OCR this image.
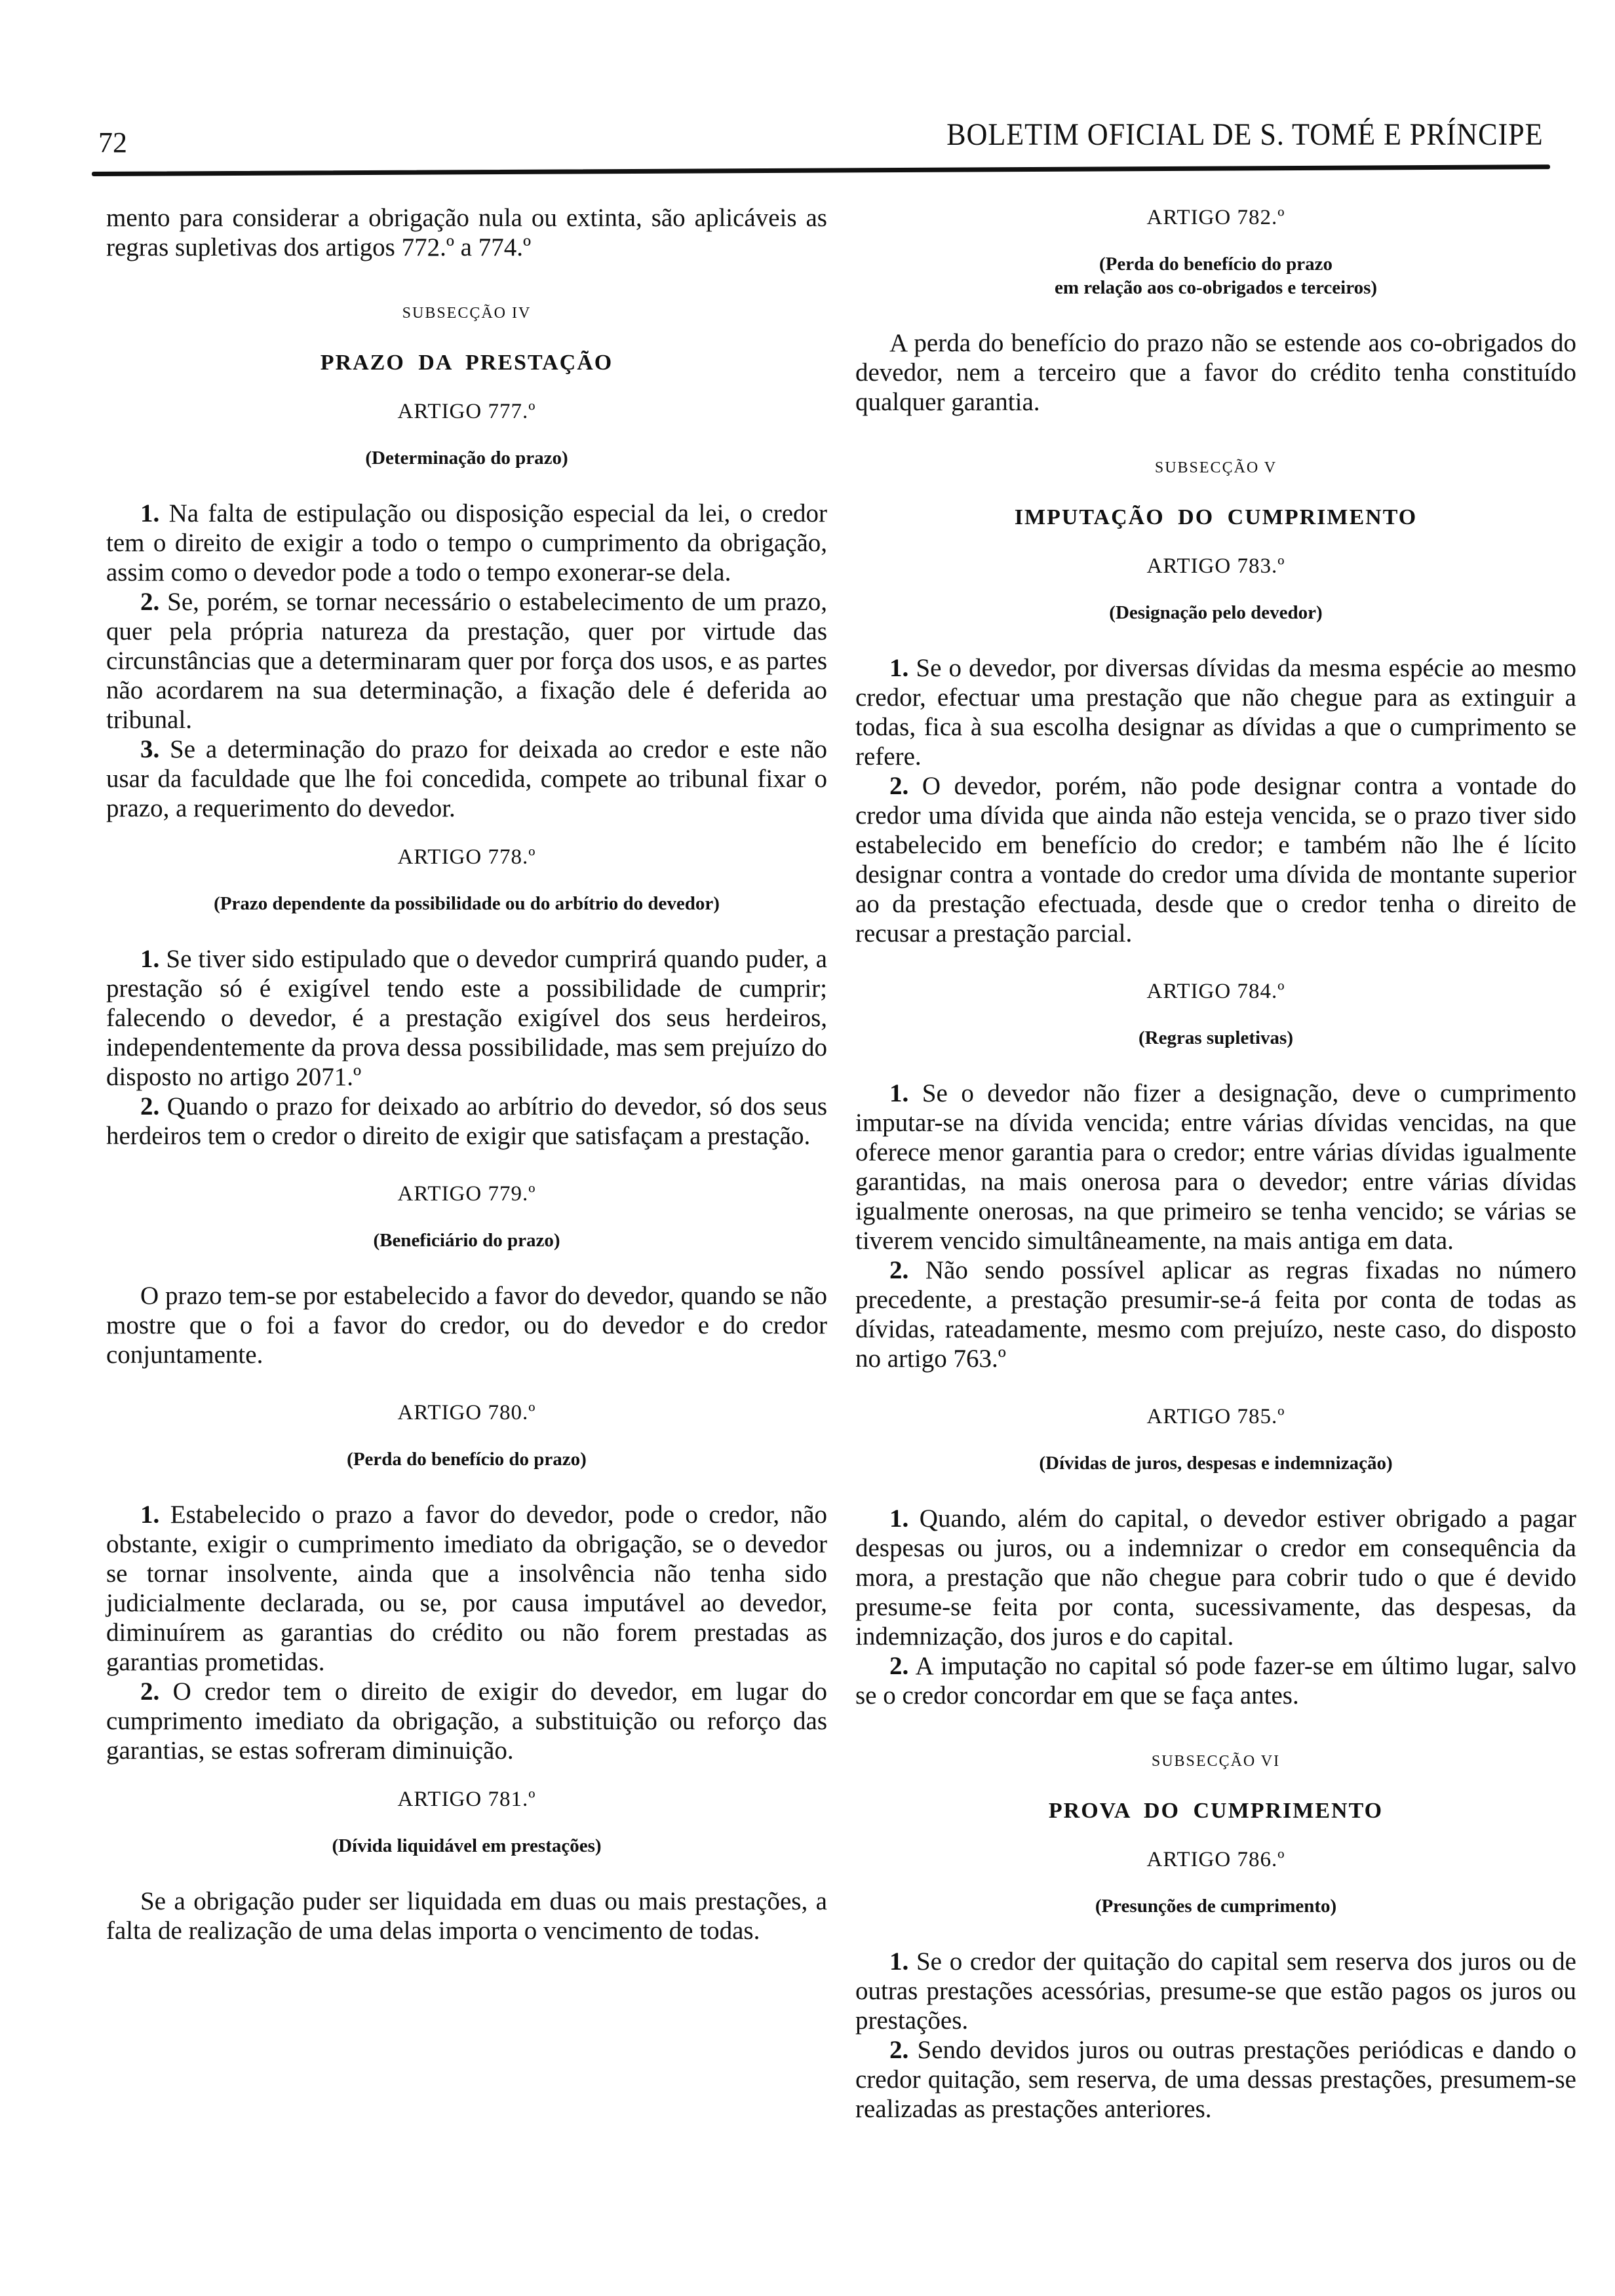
72	BOLETIM OFICIAL DE S. TOMÉ E PRÍNCIPE

mento para considerar a obrigação nula ou extinta, são aplicáveis as regras supletivas dos artigos 772.º a 774.º

SUBSECÇÃO IV

PRAZO DA PRESTAÇÃO

ARTIGO 777.º

(Determinação do prazo)

1. Na falta de estipulação ou disposição especial da lei, o credor tem o direito de exigir a todo o tempo o cumprimento da obrigação, assim como o devedor pode a todo o tempo exonerar-se dela.

2. Se, porém, se tornar necessário o estabelecimento de um prazo, quer pela própria natureza da prestação, quer por virtude das circunstâncias que a determinaram quer por força dos usos, e as partes não acordarem na sua determinação, a fixação dele é deferida ao tribunal.

3. Se a determinação do prazo for deixada ao credor e este não usar da faculdade que lhe foi concedida, compete ao tribunal fixar o prazo, a requerimento do devedor.

ARTIGO 778.º

(Prazo dependente da possibilidade ou do arbítrio do devedor)

1. Se tiver sido estipulado que o devedor cumprirá quando puder, a prestação só é exigível tendo este a possibilidade de cumprir; falecendo o devedor, é a prestação exigível dos seus herdeiros, independentemente da prova dessa possibilidade, mas sem prejuízo do disposto no artigo 2071.º

2. Quando o prazo for deixado ao arbítrio do devedor, só dos seus herdeiros tem o credor o direito de exigir que satisfaçam a prestação.

ARTIGO 779.º

(Beneficiário do prazo)

O prazo tem-se por estabelecido a favor do devedor, quando se não mostre que o foi a favor do credor, ou do devedor e do credor conjuntamente.

ARTIGO 780.º

(Perda do benefício do prazo)

1. Estabelecido o prazo a favor do devedor, pode o credor, não obstante, exigir o cumprimento imediato da obrigação, se o devedor se tornar insolvente, ainda que a insolvência não tenha sido judicialmente declarada, ou se, por causa imputável ao devedor, diminuírem as garantias do crédito ou não forem prestadas as garantias prometidas.

2. O credor tem o direito de exigir do devedor, em lugar do cumprimento imediato da obrigação, a substituição ou reforço das garantias, se estas sofreram diminuição.

ARTIGO 781.º

(Dívida liquidável em prestações)

Se a obrigação puder ser liquidada em duas ou mais prestações, a falta de realização de uma delas importa o vencimento de todas.

ARTIGO 782.º

(Perda do benefício do prazo

em relação aos co-obrigados e terceiros)

A perda do benefício do prazo não se estende aos co-obrigados do devedor, nem a terceiro que a favor do crédito tenha constituído qualquer garantia.

SUBSECÇÃO V

IMPUTAÇÃO DO CUMPRIMENTO

ARTIGO 783.º

(Designação pelo devedor)

1. Se o devedor, por diversas dívidas da mesma espécie ao mesmo credor, efectuar uma prestação que não chegue para as extinguir a todas, fica à sua escolha designar as dívidas a que o cumprimento se refere.

2. O devedor, porém, não pode designar contra a vontade do credor uma dívida que ainda não esteja vencida, se o prazo tiver sido estabelecido em benefício do credor; e também não lhe é lícito designar contra a vontade do credor uma dívida de montante superior ao da prestação efectuada, desde que o credor tenha o direito de recusar a prestação parcial.

ARTIGO 784.º

(Regras supletivas)

1. Se o devedor não fizer a designação, deve o cumprimento imputar-se na dívida vencida; entre várias dívidas vencidas, na que oferece menor garantia para o credor; entre várias dívidas igualmente garantidas, na mais onerosa para o devedor; entre várias dívidas igualmente onerosas, na que primeiro se tenha vencido; se várias se tiverem vencido simultâneamente, na mais antiga em data.

2. Não sendo possível aplicar as regras fixadas no número precedente, a prestação presumir-se-á feita por conta de todas as dívidas, rateadamente, mesmo com prejuízo, neste caso, do disposto no artigo 763.º

ARTIGO 785.º

(Dívidas de juros, despesas e indemnização)

1. Quando, além do capital, o devedor estiver obrigado a pagar despesas ou juros, ou a indemnizar o credor em consequência da mora, a prestação que não chegue para cobrir tudo o que é devido presume-se feita por conta, sucessivamente, das despesas, da indemnização, dos juros e do capital.

2. A imputação no capital só pode fazer-se em último lugar, salvo se o credor concordar em que se faça antes.

SUBSECÇÃO VI

PROVA DO CUMPRIMENTO

ARTIGO 786.º

(Presunções de cumprimento)

1. Se o credor der quitação do capital sem reserva dos juros ou de outras prestações acessórias, presume-se que estão pagos os juros ou prestações.

2. Sendo devidos juros ou outras prestações periódicas e dando o credor quitação, sem reserva, de uma dessas prestações, presumem-se realizadas as prestações anteriores.
